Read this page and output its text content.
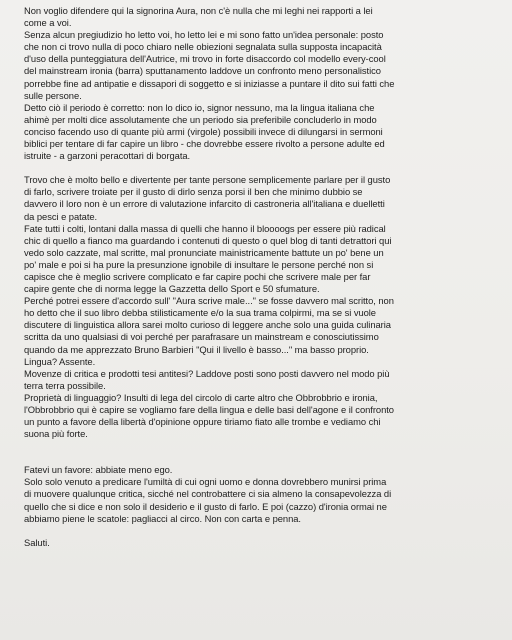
Non voglio difendere qui la signorina Aura, non c'è nulla che mi leghi nei rapporti a lei
come a voi.

Senza alcun pregiudizio ho letto voi, ho letto lei e mi sono fatto un'idea personale: posto
che non ci trovo nulla di poco chiaro nelle obiezioni segnalata sulla supposta incapacità
d'uso della punteggiatura dell'Autrice, mi trovo in forte disaccordo col modello every-cool
del mainstream ironia (barra) sputtanamento laddove un confronto meno personalistico
porrebbe fine ad antipatie e dissapori di soggetto e si iniziasse a puntare il dito sui fatti che
sulle persone.

Detto ciò il periodo è corretto: non lo dico io, signor nessuno, ma la lingua italiana che
ahimè per molti dice assolutamente che un periodo sia preferibile concluderlo in modo
conciso facendo uso di quante più armi (virgole) possibili invece di dilungarsi in sermoni
biblici per tentare di far capire un libro - che dovrebbe essere rivolto a persone adulte ed
istruite - a garzoni peracottari di borgata.

Trovo che è molto bello e divertente per tante persone semplicemente parlare per il gusto
di farlo, scrivere troiate per il gusto di dirlo senza porsi il ben che minimo dubbio se
davvero il loro non è un errore di valutazione infarcito di castroneria all'italiana e duelletti
da pesci e patate.

Fate tutti i colti, lontani dalla massa di quelli che hanno il bloooogs per essere più radical
chic di quello a fianco ma guardando i contenuti di questo o quel blog di tanti detrattori qui
vedo solo cazzate, mal scritte, mal pronunciate mainistricamente battute un po' bene un
po' male e poi si ha pure la presunzione ignobile di insultare le persone perché non si
capisce che è meglio scrivere complicato e far capire pochi che scrivere male per far
capire gente che di norma legge la Gazzetta dello Sport e 50 sfumature.

Perché potrei essere d'accordo sull' "Aura scrive male..." se fosse davvero mal scritto, non
ho detto che il suo libro debba stilisticamente e/o la sua trama colpirmi, ma se si vuole
discutere di linguistica allora sarei molto curioso di leggere anche solo una guida culinaria
scritta da uno qualsiasi di voi perché per parafrasare un mainstream e conosciutissimo
quando da me apprezzato Bruno Barbieri "Qui il livello è basso..." ma basso proprio.
Lingua? Assente.

Movenze di critica e prodotti tesi antitesi? Laddove posti sono posti davvero nel modo più
terra terra possibile.

Proprietà di linguaggio? Insulti di lega del circolo di carte altro che Obbrobbrio e ironia,
l'Obbrobbrio qui è capire se vogliamo fare della lingua e delle basi dell'agone e il confronto
un punto a favore della libertà d'opinione oppure tiriamo fiato alle trombe e vediamo chi
suona più forte.

Fatevi un favore: abbiate meno ego.

Solo solo venuto a predicare l'umiltà di cui ogni uomo e donna dovrebbero munirsi prima
di muovere qualunque critica, sicché nel controbattere ci sia almeno la consapevolezza di
quello che si dice e non solo il desiderio e il gusto di farlo. E poi (cazzo) d'ironia ormai ne
abbiamo piene le scatole: pagliacci al circo. Non con carta e penna.

Saluti.
